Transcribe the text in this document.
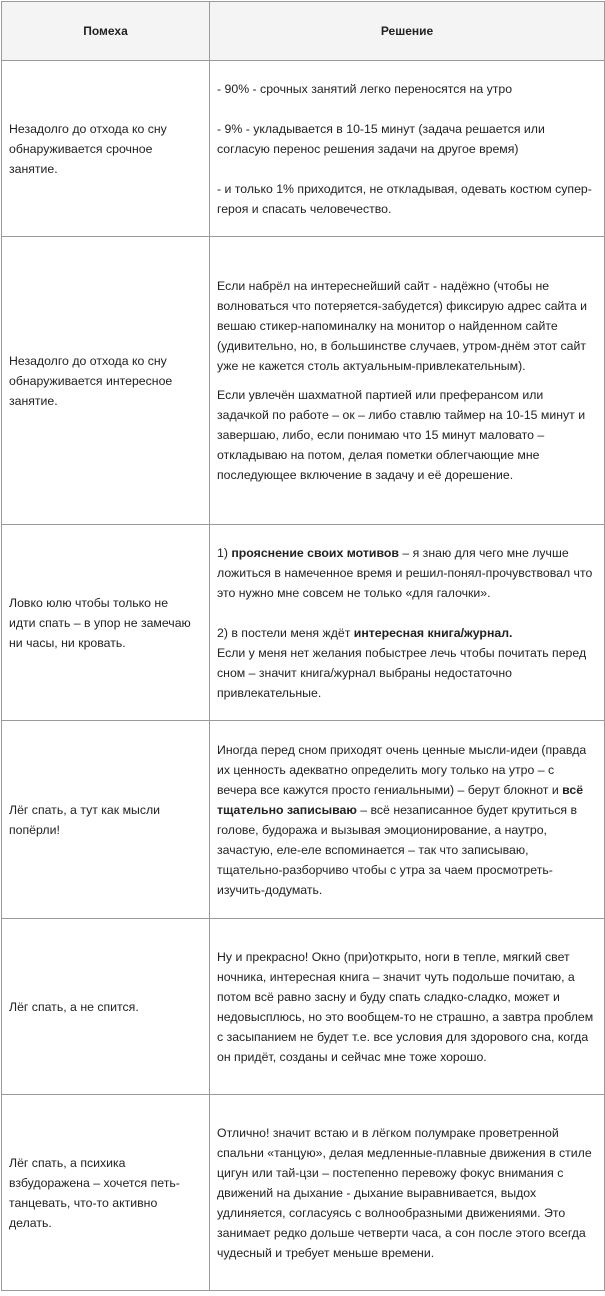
Помеха	Решение
Незадолго до отхода ко сну обнаруживается срочное занятие.	- 90% - срочных занятий легко переносятся на утро

- 9% - укладывается в 10-15 минут (задача решается или согласую перенос решения задачи на другое время)

- и только 1% приходится, не откладывая, одевать костюм супер-героя и спасать человечество.

Незадолго до отхода ко сну обнаруживается интересное занятие.	Если набрёл на интереснейший сайт - надёжно (чтобы не волноваться что потеряется-забудется) фиксирую адрес сайта и вешаю стикер-напоминалку на монитор о найденном сайте (удивительно, но, в большинстве случаев, утром-днём этот сайт уже не кажется столь актуальным-привлекательным).

Если увлечён шахматной партией или преферансом или задачкой по работе – ок – либо ставлю таймер на 10-15 минут и завершаю, либо, если понимаю что 15 минут маловато – откладываю на потом, делая пометки облегчающие мне последующее включение в задачу и её дорешение.

Ловко юлю чтобы только не идти спать – в упор не замечаю ни часы, ни кровать.	1) прояснение своих мотивов – я знаю для чего мне лучше ложиться в намеченное время и решил-понял-прочувствовал что это нужно мне совсем не только «для галочки».

2) в постели меня ждёт интересная книга/журнал.

Если у меня нет желания побыстрее лечь чтобы почитать перед сном – значит книга/журнал выбраны недостаточно привлекательные.

Лёг спать, а тут как мысли попёрли!	Иногда перед сном приходят очень ценные мысли-идеи (правда их ценность адекватно определить могу только на утро – с вечера все кажутся просто гениальными) – берут блокнот и всё тщательно записываю – всё незаписанное будет крутиться в голове, будоража и вызывая эмоционирование, а наутро, зачастую, еле-еле вспоминается – так что записываю, тщательно-разборчиво чтобы с утра за чаем просмотреть-изучить-додумать.

Лёг спать, а не спится.	Ну и прекрасно! Окно (при)открыто, ноги в тепле, мягкий свет ночника, интересная книга – значит чуть подольше почитаю, а потом всё равно засну и буду спать сладко-сладко, может и недовысплюсь, но это вообщем-то не страшно, а завтра проблем с засыпанием не будет т.е. все условия для здорового сна, когда он придёт, созданы и сейчас мне тоже хорошо.

Лёг спать, а психика взбудоражена – хочется петь-танцевать, что-то активно делать.	Отлично! значит встаю и в лёгком полумраке проветренной спальни «танцую», делая медленные-плавные движения в стиле цигун или тай-цзи – постепенно перевожу фокус внимания с движений на дыхание - дыхание выравнивается, выдох удлиняется, согласуясь с волнообразными движениями. Это занимает редко дольше четверти часа, а сон после этого всегда чудесный и требует меньше времени.
